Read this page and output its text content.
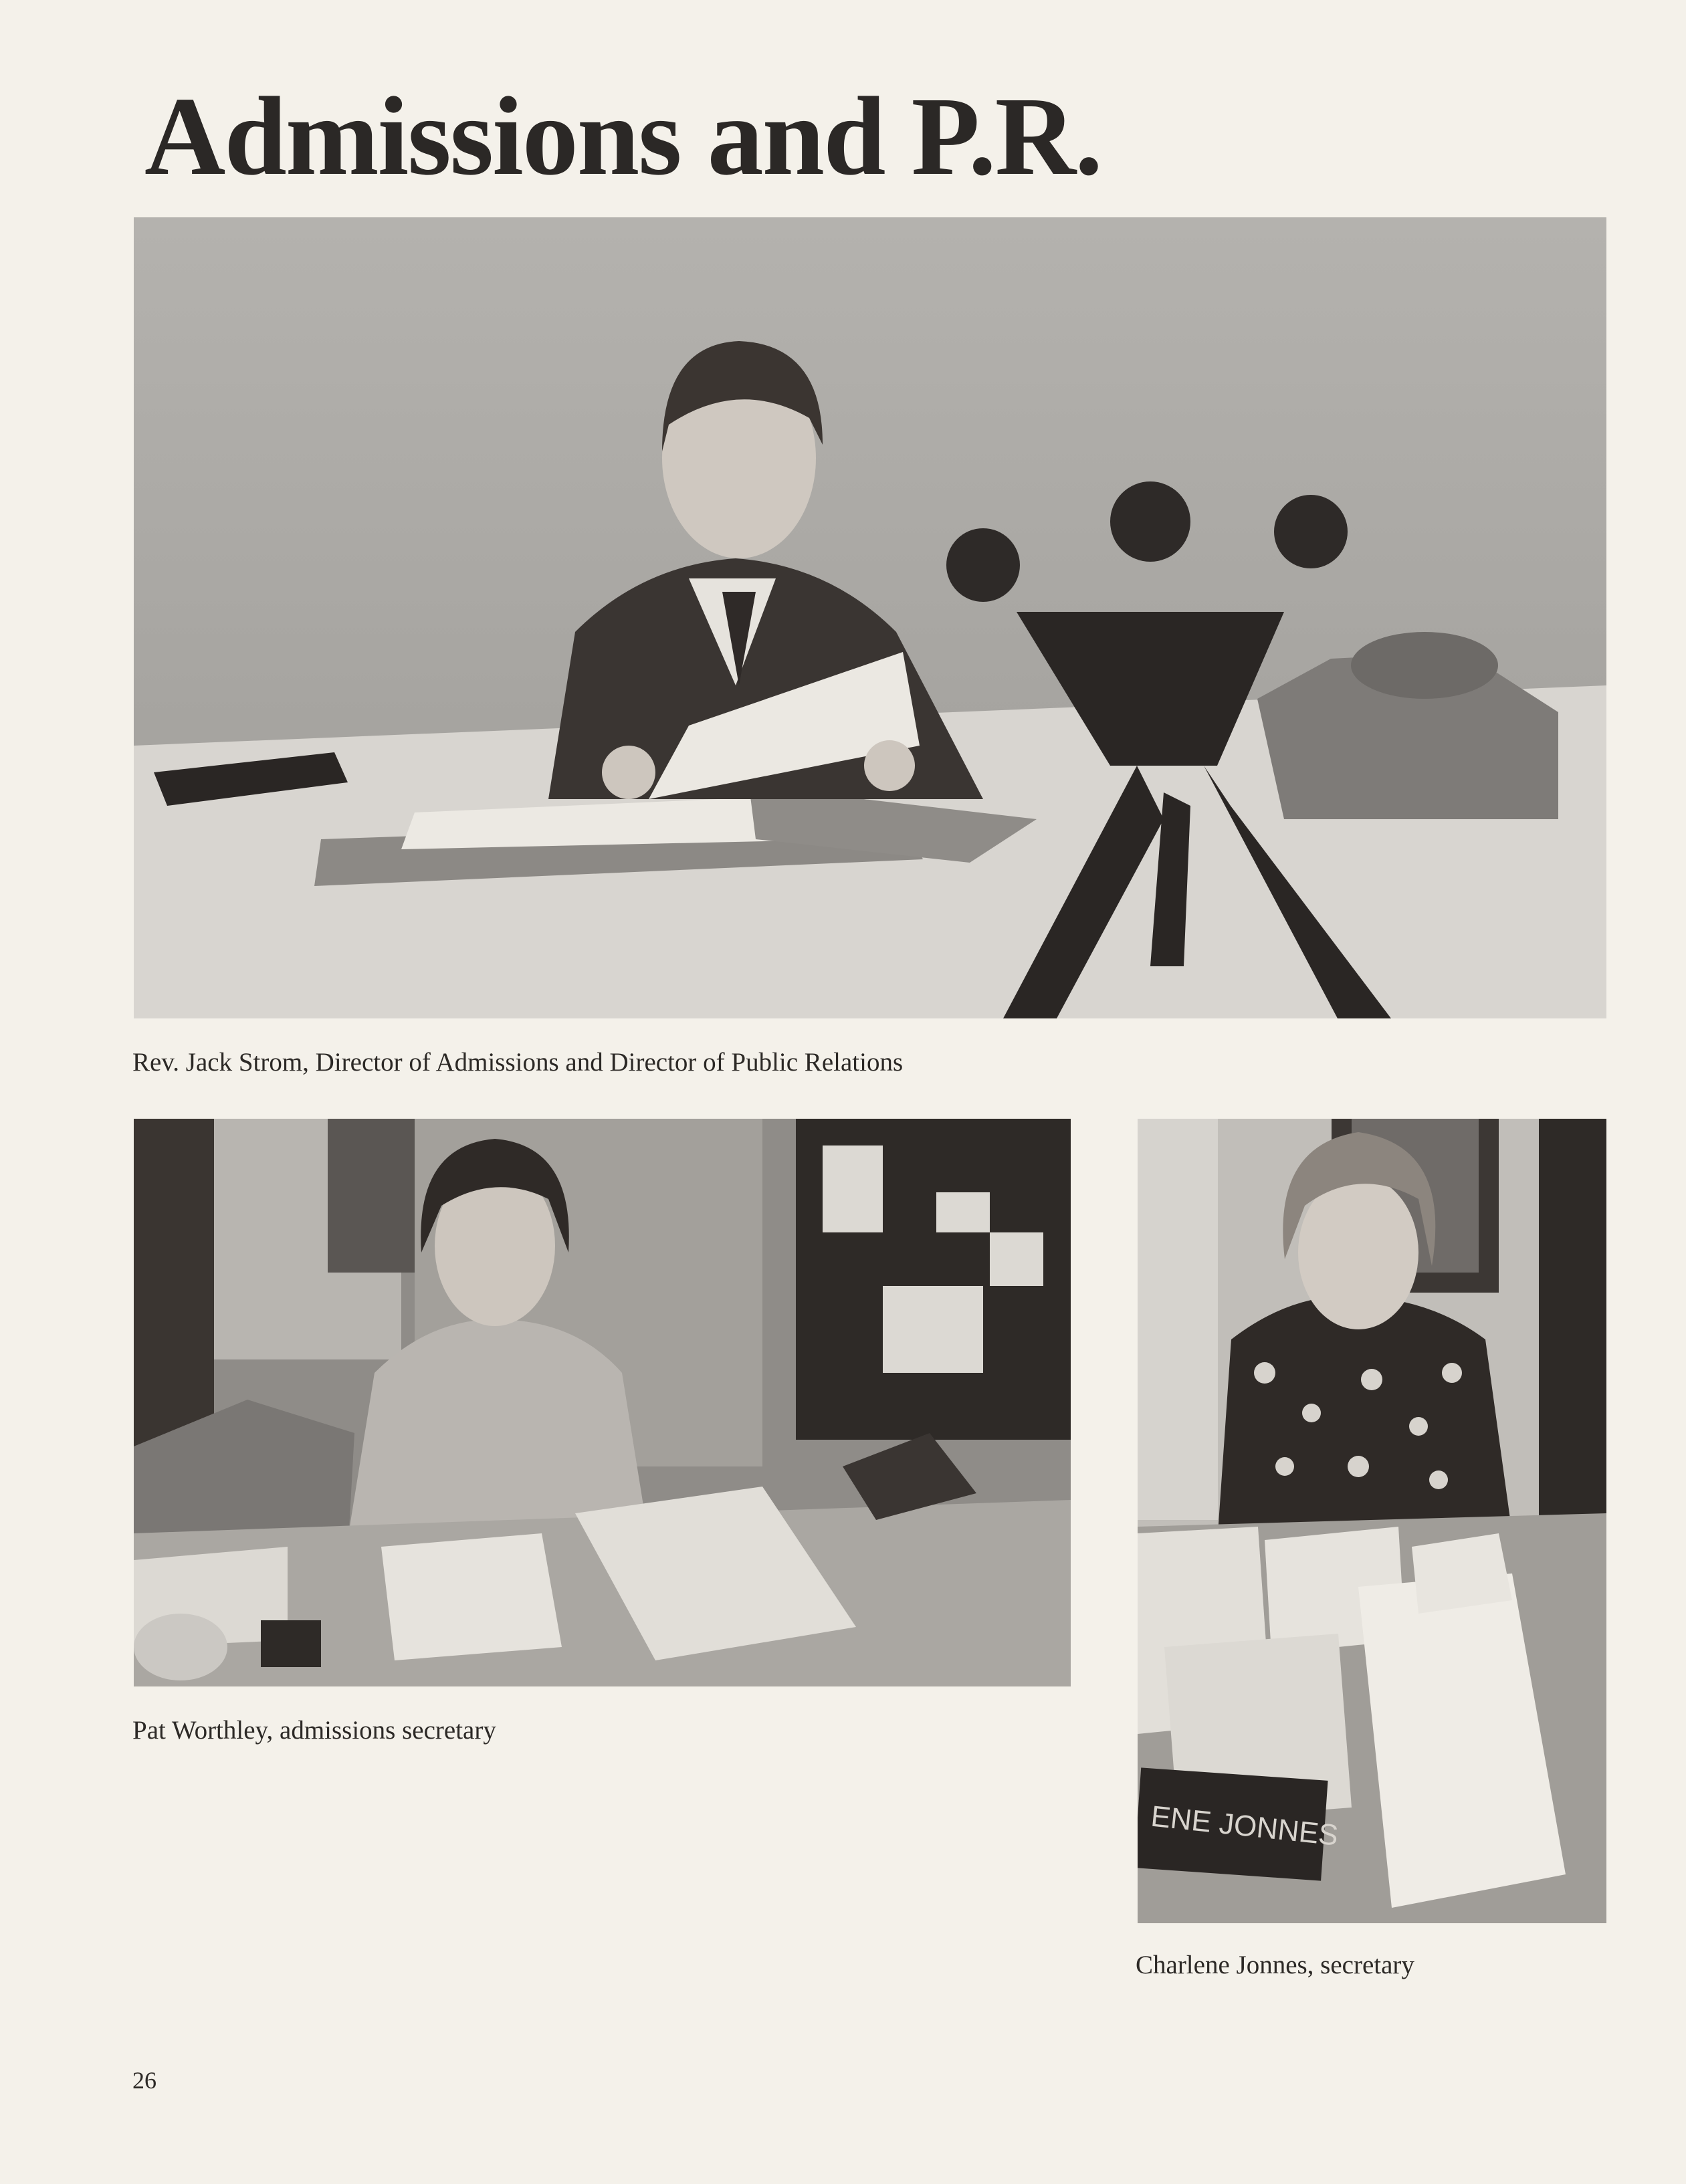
Admissions and P.R.
Rev. Jack Strom, Director of Admissions and Director of Public Relations
Pat Worthley, admissions secretary
ENE JONNES
Charlene Jonnes, secretary
26
